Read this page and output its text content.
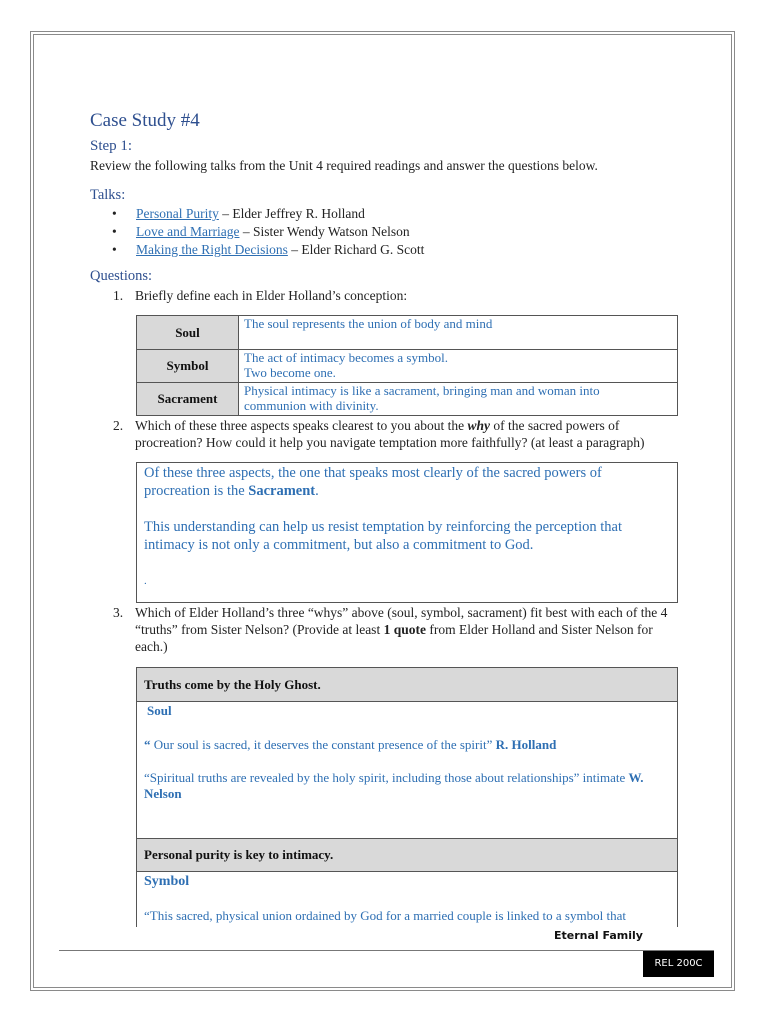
Case Study #4
Step 1:
Review the following talks from the Unit 4 required readings and answer the questions below.
Talks:
• Personal Purity – Elder Jeffrey R. Holland
• Love and Marriage – Sister Wendy Watson Nelson
• Making the Right Decisions – Elder Richard G. Scott
Questions:
1. Briefly define each in Elder Holland’s conception:
Soul	The soul represents the union of body and mind
Symbol	The act of intimacy becomes a symbol.
Two become one.
Sacrament	Physical intimacy is like a sacrament, bringing man and woman into
communion with divinity.
2. Which of these three aspects speaks clearest to you about the why of the sacred powers of procreation? How could it help you navigate temptation more faithfully? (at least a paragraph)

Of these three aspects, the one that speaks most clearly of the sacred powers of procreation is the Sacrament.

This understanding can help us resist temptation by reinforcing the perception that intimacy is not only a commitment, but also a commitment to God.

.

3. Which of Elder Holland’s three “whys” above (soul, symbol, sacrament) fit best with each of the 4 “truths” from Sister Nelson? (Provide at least 1 quote from Elder Holland and Sister Nelson for each.)
Truths come by the Holy Ghost.

Soul

“ Our soul is sacred, it deserves the constant presence of the spirit” R. Holland

“Spiritual truths are revealed by the holy spirit, including those about relationships” intimate W. Nelson

Personal purity is key to intimacy.

Symbol

“This sacred, physical union ordained by God for a married couple is linked to a symbol that

Eternal Family
REL 200C
